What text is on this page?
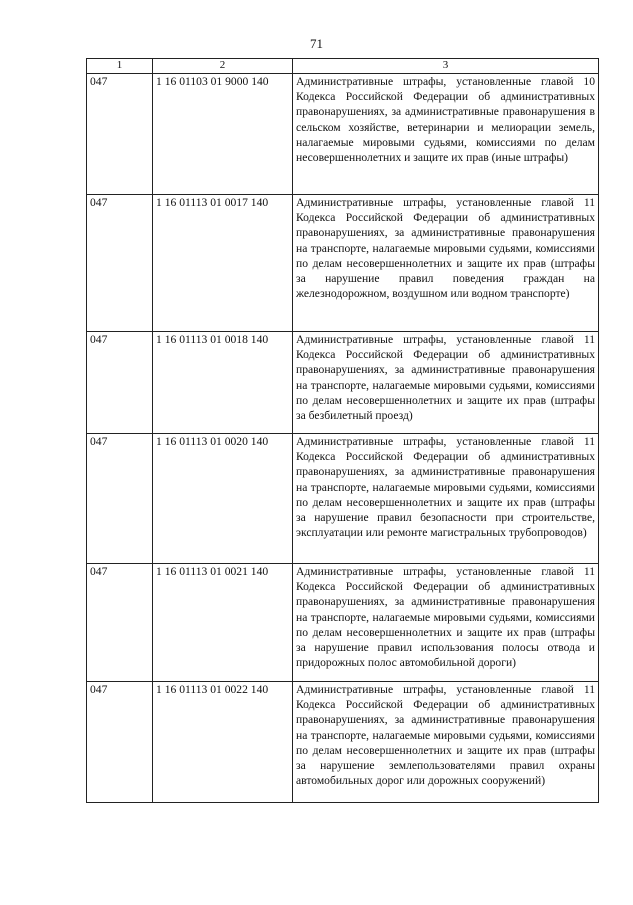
71
1	2	3
047	1 16 01103 01 9000 140	Административные штрафы, установленные главой 10 Кодекса Российской Федерации об административных правонарушениях, за административные правонарушения в сельском хозяйстве, ветеринарии и мелиорации земель, налагаемые мировыми судьями, комиссиями по делам несовершеннолетних и защите их прав (иные штрафы)
047	1 16 01113 01 0017 140	Административные штрафы, установленные главой 11 Кодекса Российской Федерации об административных правонарушениях, за административные правонарушения на транспорте, налагаемые мировыми судьями, комиссиями по делам несовершеннолетних и защите их прав (штрафы за нарушение правил поведения граждан на железнодорожном, воздушном или водном транспорте)
047	1 16 01113 01 0018 140	Административные штрафы, установленные главой 11 Кодекса Российской Федерации об административных правонарушениях, за административные правонарушения на транспорте, налагаемые мировыми судьями, комиссиями по делам несовершеннолетних и защите их прав (штрафы за безбилетный проезд)
047	1 16 01113 01 0020 140	Административные штрафы, установленные главой 11 Кодекса Российской Федерации об административных правонарушениях, за административные правонарушения на транспорте, налагаемые мировыми судьями, комиссиями по делам несовершеннолетних и защите их прав (штрафы за нарушение правил безопасности при строительстве, эксплуатации или ремонте магистральных трубопроводов)
047	1 16 01113 01 0021 140	Административные штрафы, установленные главой 11 Кодекса Российской Федерации об административных правонарушениях, за административные правонарушения на транспорте, налагаемые мировыми судьями, комиссиями по делам несовершеннолетних и защите их прав (штрафы за нарушение правил использования полосы отвода и придорожных полос автомобильной дороги)
047	1 16 01113 01 0022 140	Административные штрафы, установленные главой 11 Кодекса Российской Федерации об административных правонарушениях, за административные правонарушения на транспорте, налагаемые мировыми судьями, комиссиями по делам несовершеннолетних и защите их прав (штрафы за нарушение землепользователями правил охраны автомобильных дорог или дорожных сооружений)
